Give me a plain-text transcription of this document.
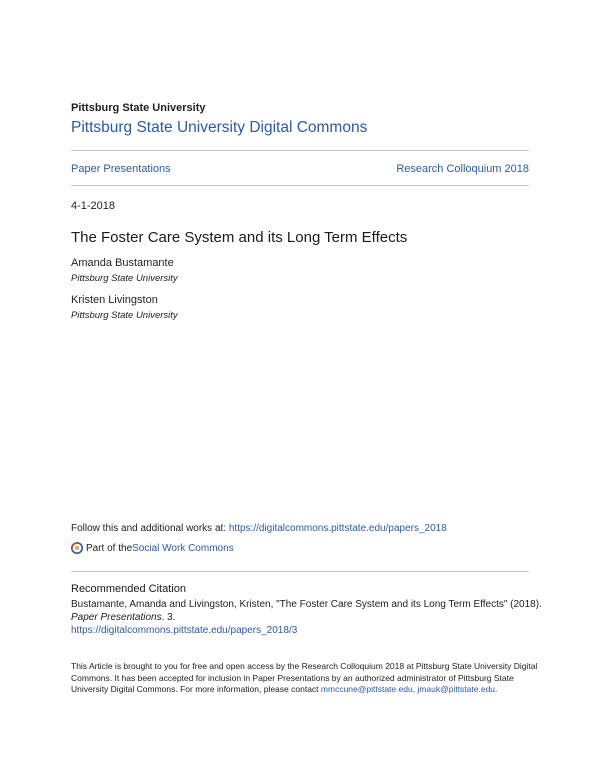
Pittsburg State University
Pittsburg State University Digital Commons
Paper Presentations	Research Colloquium 2018
4-1-2018
The Foster Care System and its Long Term Effects
Amanda Bustamante
Pittsburg State University
Kristen Livingston
Pittsburg State University
Follow this and additional works at: https://digitalcommons.pittstate.edu/papers_2018
Part of the Social Work Commons
Recommended Citation
Bustamante, Amanda and Livingston, Kristen, "The Foster Care System and its Long Term Effects" (2018).
Paper Presentations. 3.
https://digitalcommons.pittstate.edu/papers_2018/3
This Article is brought to you for free and open access by the Research Colloquium 2018 at Pittsburg State University Digital Commons. It has been accepted for inclusion in Paper Presentations by an authorized administrator of Pittsburg State University Digital Commons. For more information, please contact mmccune@pittstate.edu, jmauk@pittstate.edu.
